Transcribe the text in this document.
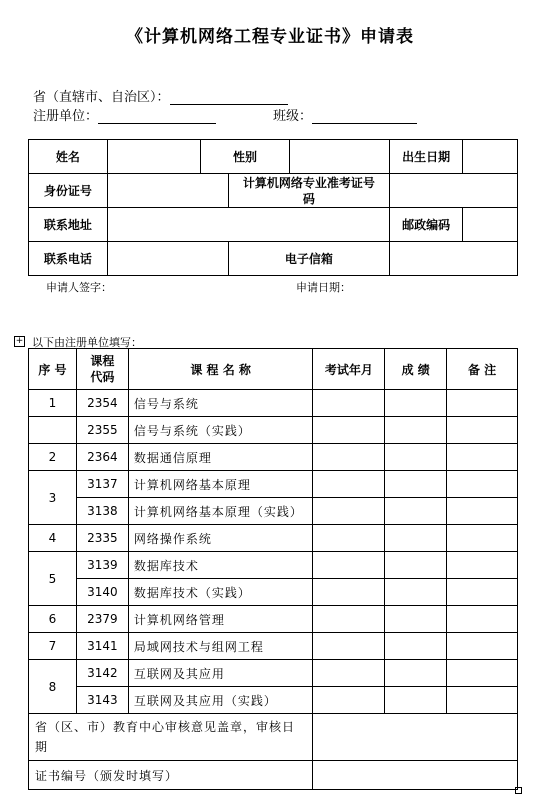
《计算机网络工程专业证书》申请表
省（直辖市、自治区）：
注册单位：	班级：
姓名		性别			出生日期	
身份证号			计算机网络专业准考证号码			
联系地址					邮政编码	
联系电话			电子信箱			
申请人签字：	申请日期：
+ 以下由注册单位填写：
序 号	课程代码	课 程 名 称	考试年月	成 绩	备 注
1	2354	信号与系统			
	2355	信号与系统（实践）			
2	2364	数据通信原理			
3	3137	计算机网络基本原理			
	3138	计算机网络基本原理（实践）			
4	2335	网络操作系统			
5	3139	数据库技术			
	3140	数据库技术（实践）			
6	2379	计算机网络管理			
7	3141	局域网技术与组网工程			
8	3142	互联网及其应用			
	3143	互联网及其应用（实践）			
省（区、市）教育中心审核意见盖章，审核日期					
证书编号（颁发时填写）					
